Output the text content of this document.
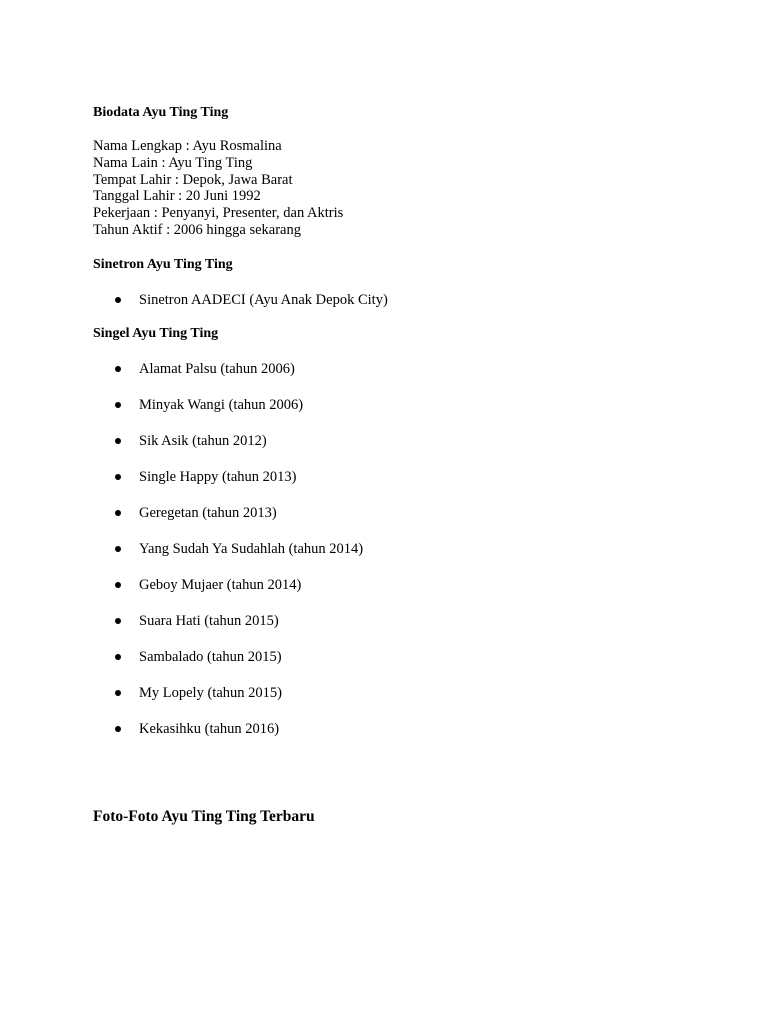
Biodata Ayu Ting Ting
Nama Lengkap : Ayu Rosmalina
Nama Lain : Ayu Ting Ting
Tempat Lahir : Depok, Jawa Barat
Tanggal Lahir : 20 Juni 1992
Pekerjaan : Penyanyi, Presenter, dan Aktris
Tahun Aktif : 2006 hingga sekarang
Sinetron Ayu Ting Ting
Sinetron AADECI (Ayu Anak Depok City)
Singel Ayu Ting Ting
Alamat Palsu (tahun 2006)
Minyak Wangi (tahun 2006)
Sik Asik (tahun 2012)
Single Happy (tahun 2013)
Geregetan (tahun 2013)
Yang Sudah Ya Sudahlah (tahun 2014)
Geboy Mujaer (tahun 2014)
Suara Hati (tahun 2015)
Sambalado (tahun 2015)
My Lopely (tahun 2015)
Kekasihku (tahun 2016)
Foto-Foto Ayu Ting Ting Terbaru
